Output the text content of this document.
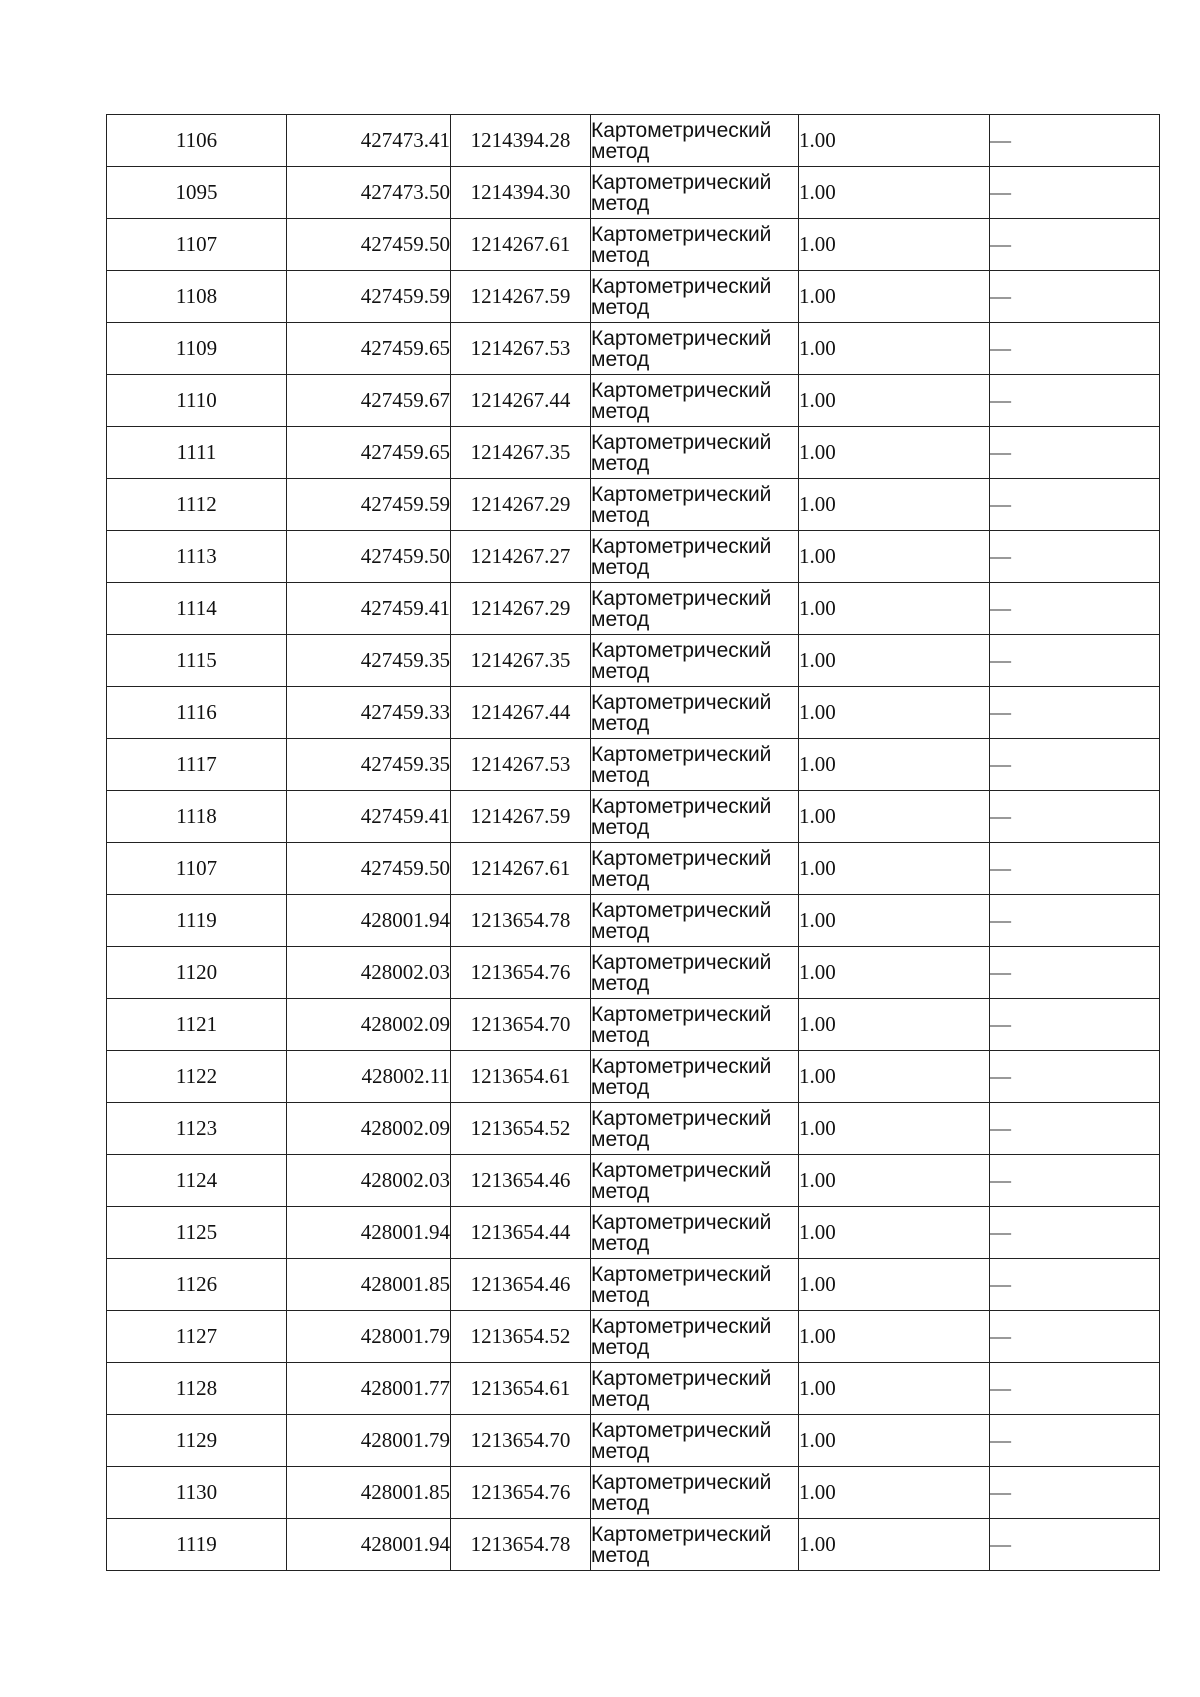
1106	427473.41	1214394.28	Картометрический
метод	1.00	—
1095	427473.50	1214394.30	Картометрический
метод	1.00	—
1107	427459.50	1214267.61	Картометрический
метод	1.00	—
1108	427459.59	1214267.59	Картометрический
метод	1.00	—
1109	427459.65	1214267.53	Картометрический
метод	1.00	—
1110	427459.67	1214267.44	Картометрический
метод	1.00	—
1111	427459.65	1214267.35	Картометрический
метод	1.00	—
1112	427459.59	1214267.29	Картометрический
метод	1.00	—
1113	427459.50	1214267.27	Картометрический
метод	1.00	—
1114	427459.41	1214267.29	Картометрический
метод	1.00	—
1115	427459.35	1214267.35	Картометрический
метод	1.00	—
1116	427459.33	1214267.44	Картометрический
метод	1.00	—
1117	427459.35	1214267.53	Картометрический
метод	1.00	—
1118	427459.41	1214267.59	Картометрический
метод	1.00	—
1107	427459.50	1214267.61	Картометрический
метод	1.00	—
1119	428001.94	1213654.78	Картометрический
метод	1.00	—
1120	428002.03	1213654.76	Картометрический
метод	1.00	—
1121	428002.09	1213654.70	Картометрический
метод	1.00	—
1122	428002.11	1213654.61	Картометрический
метод	1.00	—
1123	428002.09	1213654.52	Картометрический
метод	1.00	—
1124	428002.03	1213654.46	Картометрический
метод	1.00	—
1125	428001.94	1213654.44	Картометрический
метод	1.00	—
1126	428001.85	1213654.46	Картометрический
метод	1.00	—
1127	428001.79	1213654.52	Картометрический
метод	1.00	—
1128	428001.77	1213654.61	Картометрический
метод	1.00	—
1129	428001.79	1213654.70	Картометрический
метод	1.00	—
1130	428001.85	1213654.76	Картометрический
метод	1.00	—
1119	428001.94	1213654.78	Картометрический
метод	1.00	—
